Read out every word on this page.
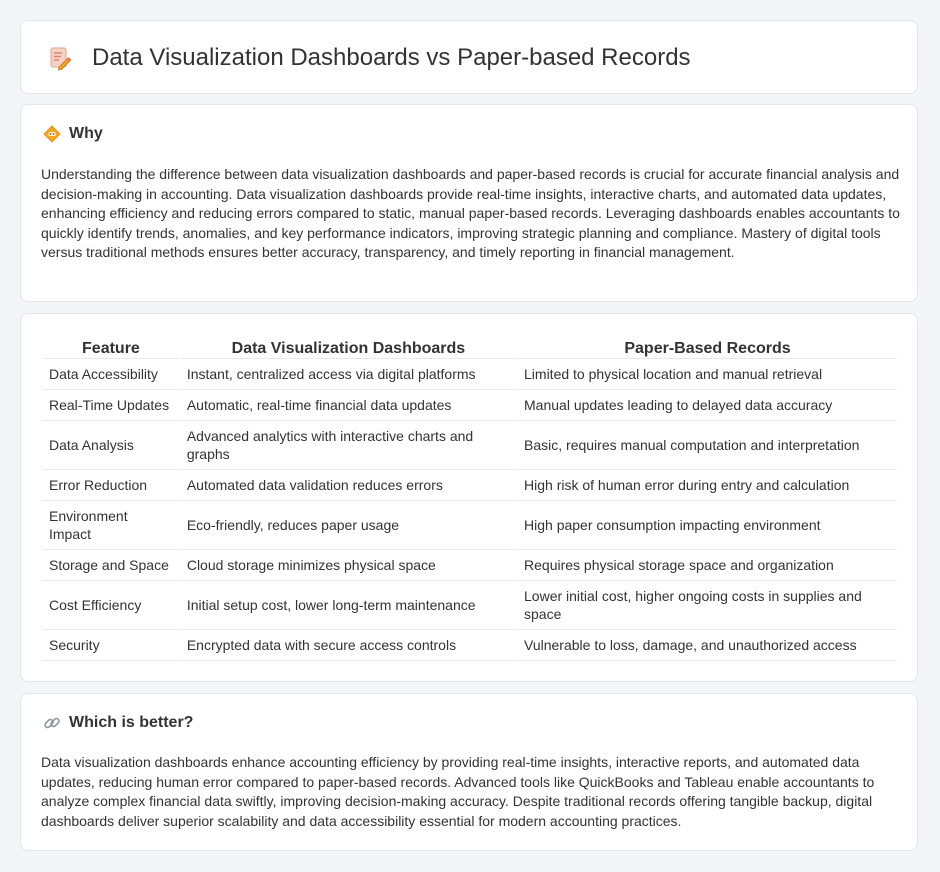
Data Visualization Dashboards vs Paper-based Records
Why

Understanding the difference between data visualization dashboards and paper-based records is crucial for accurate financial analysis and decision-making in accounting. Data visualization dashboards provide real-time insights, interactive charts, and automated data updates, enhancing efficiency and reducing errors compared to static, manual paper-based records. Leveraging dashboards enables accountants to quickly identify trends, anomalies, and key performance indicators, improving strategic planning and compliance. Mastery of digital tools versus traditional methods ensures better accuracy, transparency, and timely reporting in financial management.

Feature	Data Visualization Dashboards	Paper-Based Records
Data Accessibility	Instant, centralized access via digital platforms	Limited to physical location and manual retrieval
Real-Time Updates	Automatic, real-time financial data updates	Manual updates leading to delayed data accuracy
Data Analysis	Advanced analytics with interactive charts and graphs	Basic, requires manual computation and interpretation
Error Reduction	Automated data validation reduces errors	High risk of human error during entry and calculation
Environment Impact	Eco-friendly, reduces paper usage	High paper consumption impacting environment
Storage and Space	Cloud storage minimizes physical space	Requires physical storage space and organization
Cost Efficiency	Initial setup cost, lower long-term maintenance	Lower initial cost, higher ongoing costs in supplies and space
Security	Encrypted data with secure access controls	Vulnerable to loss, damage, and unauthorized access
Which is better?

Data visualization dashboards enhance accounting efficiency by providing real-time insights, interactive reports, and automated data updates, reducing human error compared to paper-based records. Advanced tools like QuickBooks and Tableau enable accountants to analyze complex financial data swiftly, improving decision-making accuracy. Despite traditional records offering tangible backup, digital dashboards deliver superior scalability and data accessibility essential for modern accounting practices.
